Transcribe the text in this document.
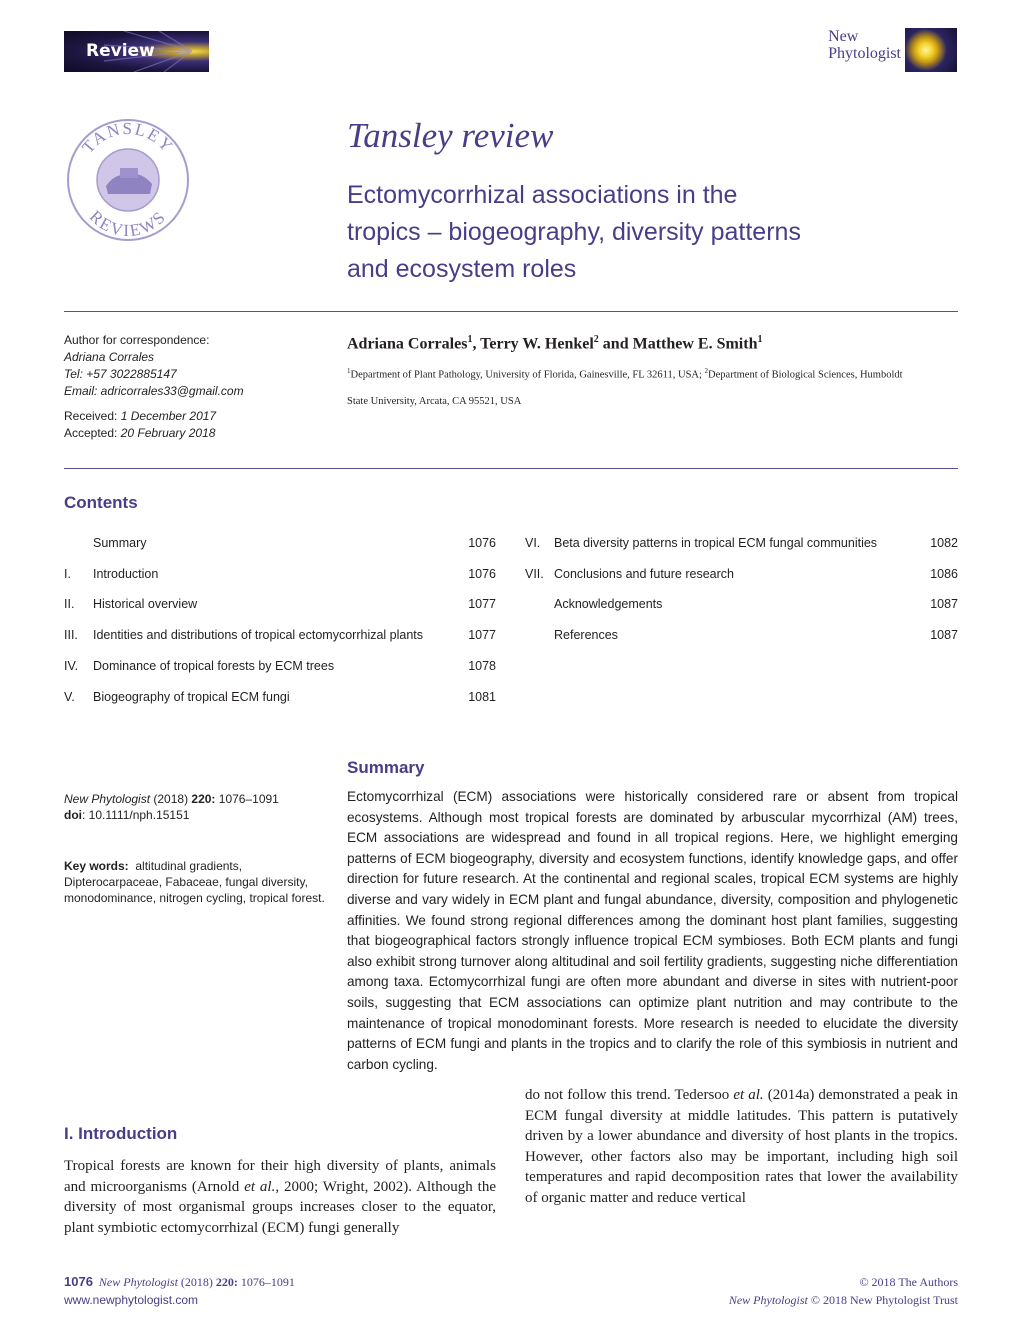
Review
New
Phytologist
TANSLEY
REVIEWS
Tansley review
Ectomycorrhizal associations in the
tropics – biogeography, diversity patterns
and ecosystem roles
Author for correspondence:
Adriana Corrales
Tel: +57 3022885147
Email: adricorrales33@gmail.com
Received: 1 December 2017
Accepted: 20 February 2018
Adriana Corrales$^1$, Terry W. Henkel$^2$ and Matthew E. Smith$^1$
$^1$Department of Plant Pathology, University of Florida, Gainesville, FL 32611, USA; $^2$Department of Biological Sciences, Humboldt
State University, Arcata, CA 95521, USA
Contents
Summary	1076
I. Introduction	1076
II. Historical overview	1077
III. Identities and distributions of tropical ectomycorrhizal plants	1077
IV. Dominance of tropical forests by ECM trees	1078
V. Biogeography of tropical ECM fungi	1081
VI. Beta diversity patterns in tropical ECM fungal communities	1082
VII. Conclusions and future research	1086
Acknowledgements	1087
References	1087
Summary
Ectomycorrhizal (ECM) associations were historically considered rare or absent from tropical ecosystems. Although most tropical forests are dominated by arbuscular mycorrhizal (AM) trees, ECM associations are widespread and found in all tropical regions. Here, we highlight emerging patterns of ECM biogeography, diversity and ecosystem functions, identify knowledge gaps, and offer direction for future research. At the continental and regional scales, tropical ECM systems are highly diverse and vary widely in ECM plant and fungal abundance, diversity, composition and phylogenetic affinities. We found strong regional differences among the dominant host plant families, suggesting that biogeographical factors strongly influence tropical ECM symbioses. Both ECM plants and fungi also exhibit strong turnover along altitudinal and soil fertility gradients, suggesting niche differentiation among taxa. Ectomycorrhizal fungi are often more abundant and diverse in sites with nutrient-poor soils, suggesting that ECM associations can optimize plant nutrition and may contribute to the maintenance of tropical monodominant forests. More research is needed to elucidate the diversity patterns of ECM fungi and plants in the tropics and to clarify the role of this symbiosis in nutrient and carbon cycling.
New Phytologist (2018) 220: 1076–1091
doi: 10.1111/nph.15151
Key words: altitudinal gradients, Dipterocarpaceae, Fabaceae, fungal diversity, monodominance, nitrogen cycling, tropical forest.
I. Introduction
Tropical forests are known for their high diversity of plants, animals and microorganisms (Arnold et al., 2000; Wright, 2002). Although the diversity of most organismal groups increases closer to the equator, plant symbiotic ectomycorrhizal (ECM) fungi generally
do not follow this trend. Tedersoo et al. (2014a) demonstrated a peak in ECM fungal diversity at middle latitudes. This pattern is putatively driven by a lower abundance and diversity of host plants in the tropics. However, other factors also may be important, including high soil temperatures and rapid decomposition rates that lower the availability of organic matter and reduce vertical
1076 New Phytologist (2018) 220: 1076–1091
www.newphytologist.com
© 2018 The Authors
New Phytologist © 2018 New Phytologist Trust
